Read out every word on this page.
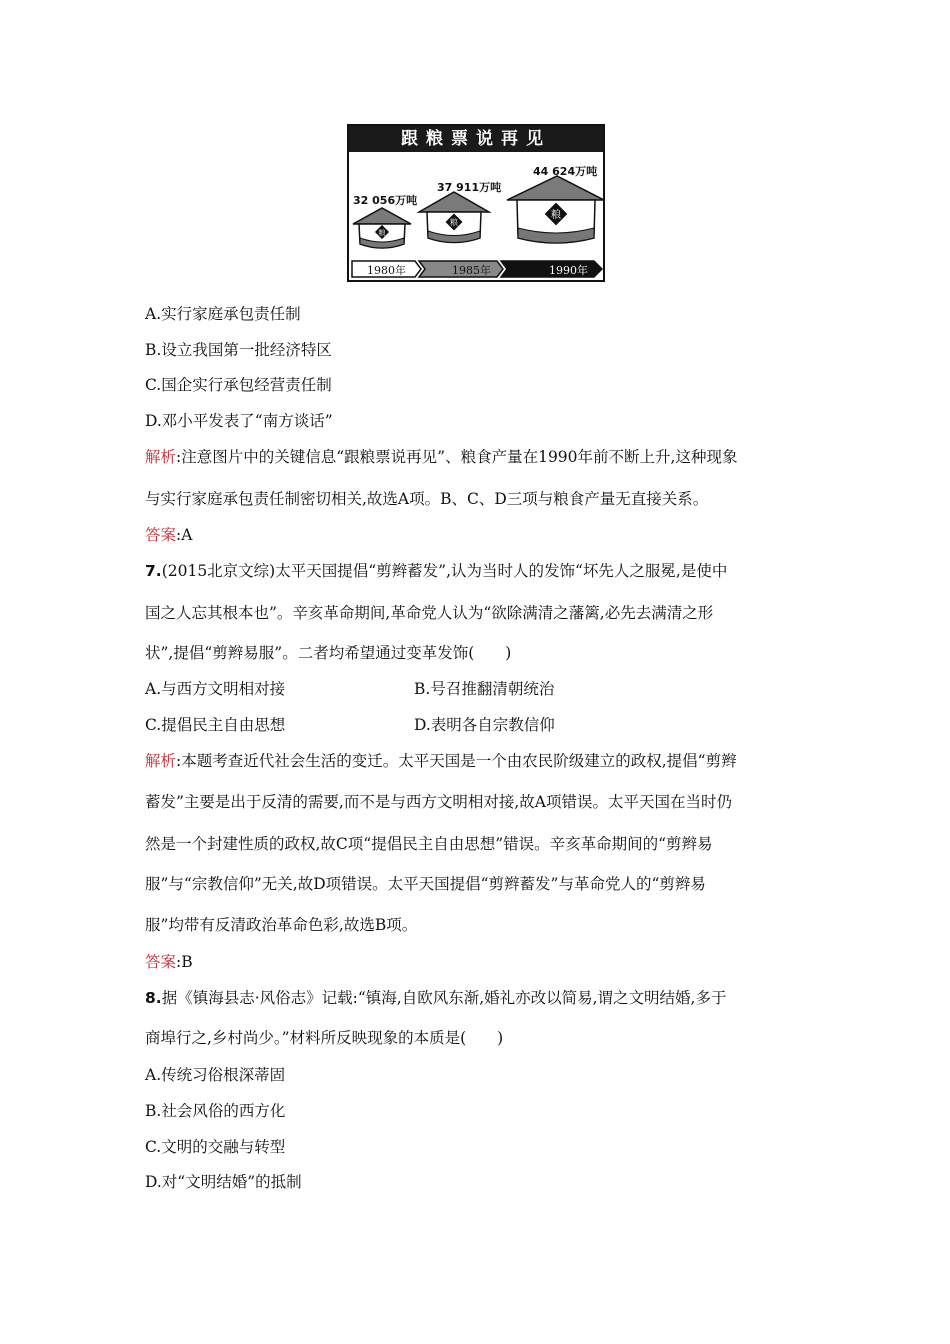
跟粮票说再见
粮
粮
粮
32 056万吨
37 911万吨
44 624万吨
1980年	1985年	1990年
A.实行家庭承包责任制
B.设立我国第一批经济特区
C.国企实行承包经营责任制
D.邓小平发表了“南方谈话”
解析:注意图片中的关键信息“跟粮票说再见”、粮食产量在1990年前不断上升,这种现象
与实行家庭承包责任制密切相关,故选A项。B、C、D三项与粮食产量无直接关系。
答案:A
7.(2015北京文综)太平天国提倡“剪辫蓄发”,认为当时人的发饰“坏先人之服冕,是使中
国之人忘其根本也”。辛亥革命期间,革命党人认为“欲除满清之藩篱,必先去满清之形
状”,提倡“剪辫易服”。二者均希望通过变革发饰(　　)
A.与西方文明相对接	B.号召推翻清朝统治
C.提倡民主自由思想	D.表明各自宗教信仰
解析:本题考查近代社会生活的变迁。太平天国是一个由农民阶级建立的政权,提倡“剪辫
蓄发”主要是出于反清的需要,而不是与西方文明相对接,故A项错误。太平天国在当时仍
然是一个封建性质的政权,故C项“提倡民主自由思想”错误。辛亥革命期间的“剪辫易
服”与“宗教信仰”无关,故D项错误。太平天国提倡“剪辫蓄发”与革命党人的“剪辫易
服”均带有反清政治革命色彩,故选B项。
答案:B
8.据《镇海县志·风俗志》记载:“镇海,自欧风东渐,婚礼亦改以简易,谓之文明结婚,多于
商埠行之,乡村尚少。”材料所反映现象的本质是(　　)
A.传统习俗根深蒂固
B.社会风俗的西方化
C.文明的交融与转型
D.对“文明结婚”的抵制
